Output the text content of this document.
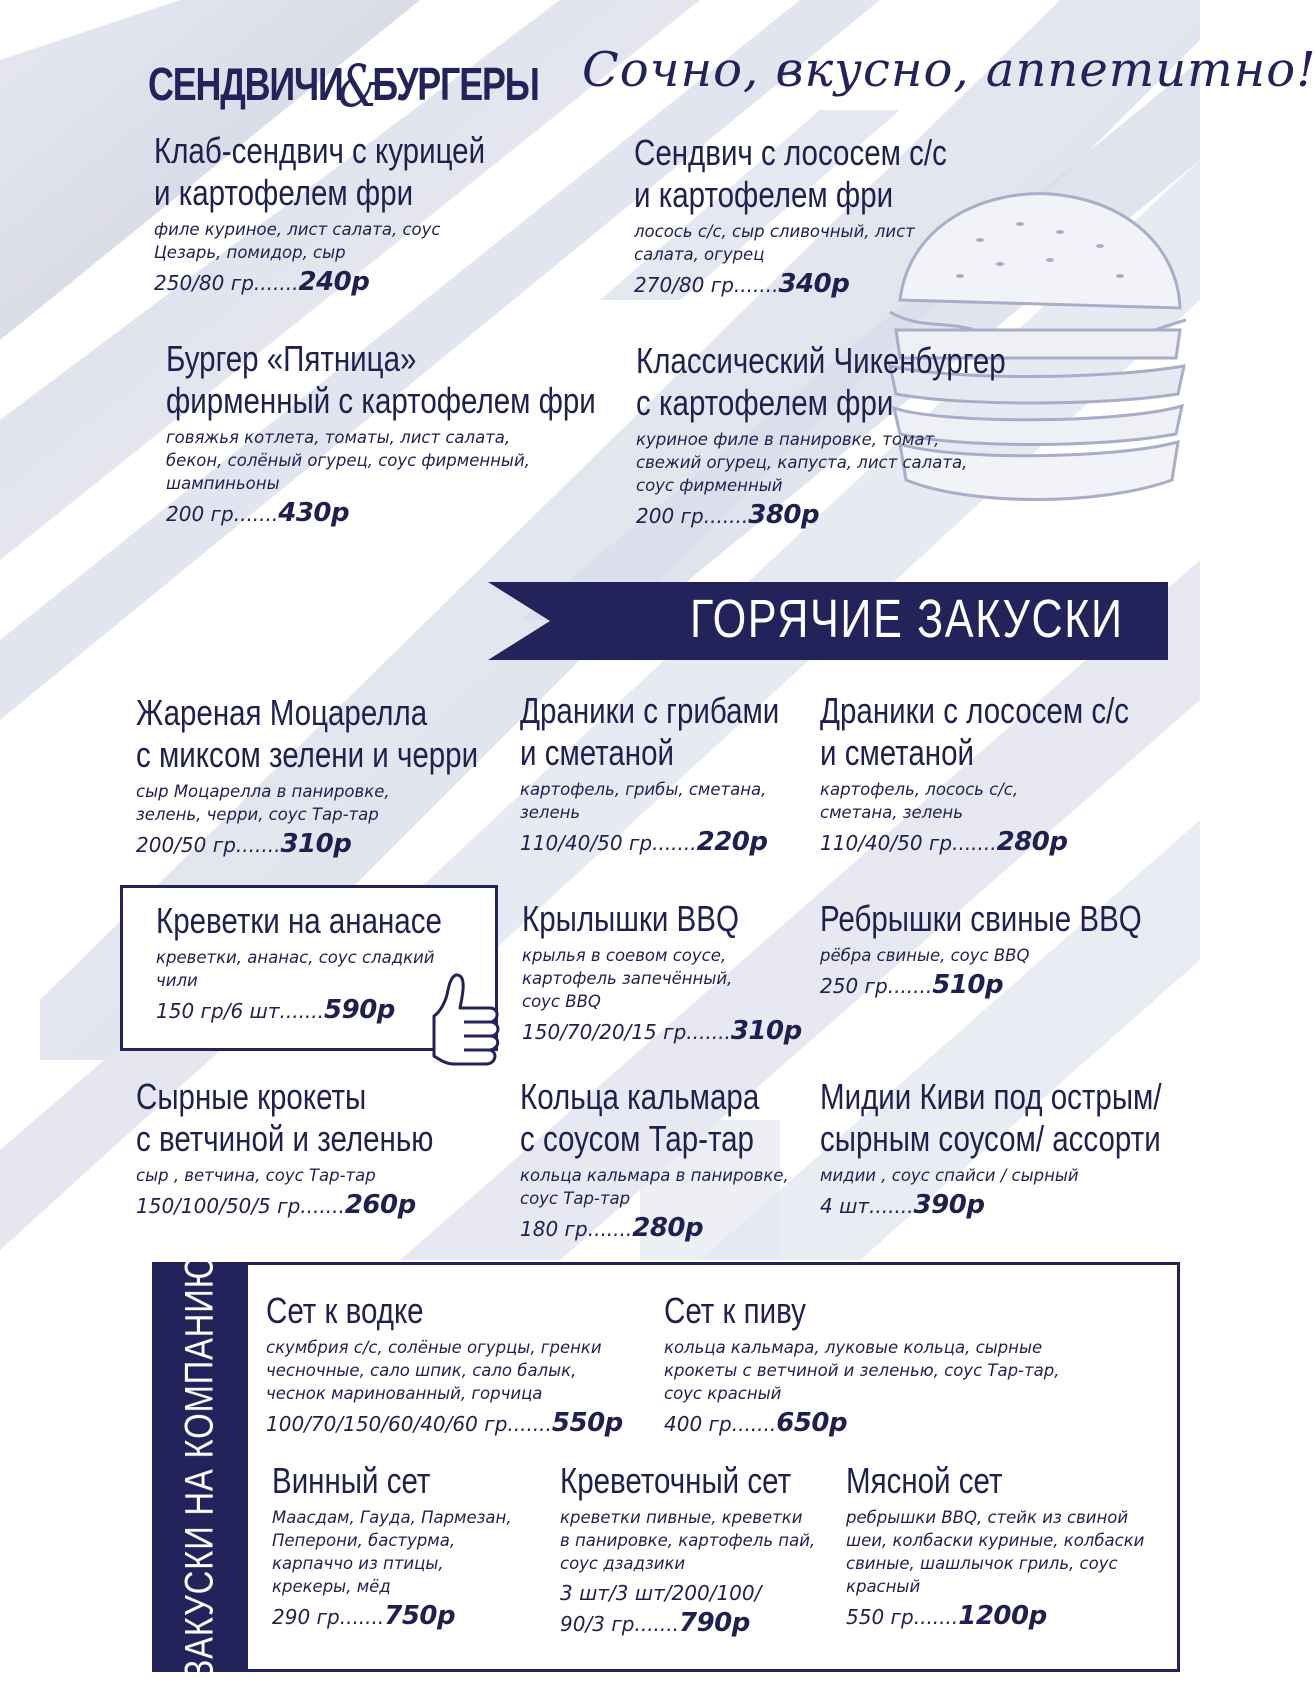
СЕНДВИЧИ&БУРГЕРЫ Сочно, вкусно, аппетитно!
Клаб-сендвич с курицей
и картофелем фри
филе куриное, лист салата, соус
Цезарь, помидор, сыр
250/80 гр.......240р
Сендвич с лососем с/с
и картофелем фри
лосось с/с, сыр сливочный, лист
салата, огурец
270/80 гр.......340р
Бургер «Пятница»
фирменный с картофелем фри
говяжья котлета, томаты, лист салата,
бекон, солёный огурец, соус фирменный,
шампиньоны
200 гр.......430р
Классический Чикенбургер
с картофелем фри
куриное филе в панировке, томат,
свежий огурец, капуста, лист салата,
соус фирменный
200 гр.......380р
ГОРЯЧИЕ ЗАКУСКИ
Жареная Моцарелла
с миксом зелени и черри
сыр Моцарелла в панировке,
зелень, черри, соус Тар-тар
200/50 гр.......310р
Драники с грибами
и сметаной
картофель, грибы, сметана,
зелень
110/40/50 гр.......220р
Драники с лососем с/с
и сметаной
картофель, лосось с/с,
сметана, зелень
110/40/50 гр.......280р
Креветки на ананасе
креветки, ананас, соус сладкий
чили
150 гр/6 шт.......590р
Крылышки BBQ
крылья в соевом соусе,
картофель запечённый,
соус BBQ
150/70/20/15 гр.......310р
Ребрышки свиные BBQ
рёбра свиные, соус BBQ
250 гр.......510р
Сырные крокеты
с ветчиной и зеленью
сыр , ветчина, соус Тар-тар
150/100/50/5 гр.......260р
Кольца кальмара
с соусом Тар-тар
кольца кальмара в панировке,
соус Тар-тар
180 гр.......280р
Мидии Киви под острым/
сырным соусом/ ассорти
мидии , соус спайси / сырный
4 шт.......390р
ЗАКУСКИ НА КОМПАНИЮ Сет к водке
скумбрия с/с, солёные огурцы, гренки
чесночные, сало шпик, сало балык,
чеснок маринованный, горчица
100/70/150/60/40/60 гр.......550р
Сет к пиву
кольца кальмара, луковые кольца, сырные
крокеты с ветчиной и зеленью, соус Тар-тар,
соус красный
400 гр.......650р
Винный сет
Маасдам, Гауда, Пармезан,
Пеперони, бастурма,
карпаччо из птицы,
крекеры, мёд
290 гр.......750р
Креветочный сет
креветки пивные, креветки
в панировке, картофель пай,
соус дзадзики
3 шт/3 шт/200/100/
90/3 гр.......790р
Мясной сет
ребрышки BBQ, стейк из свиной
шеи, колбаски куриные, колбаски
свиные, шашлычок гриль, соус
красный
550 гр.......1200р
